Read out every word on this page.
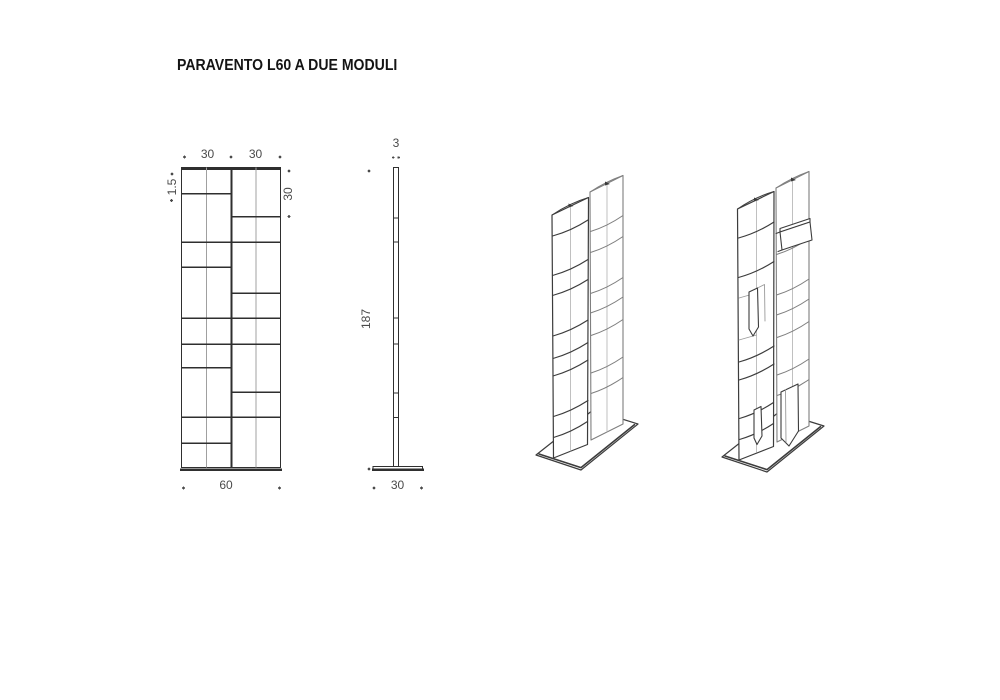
PARAVENTO L60 A DUE MODULI
30	30
1.5	30
60
3
187
30
